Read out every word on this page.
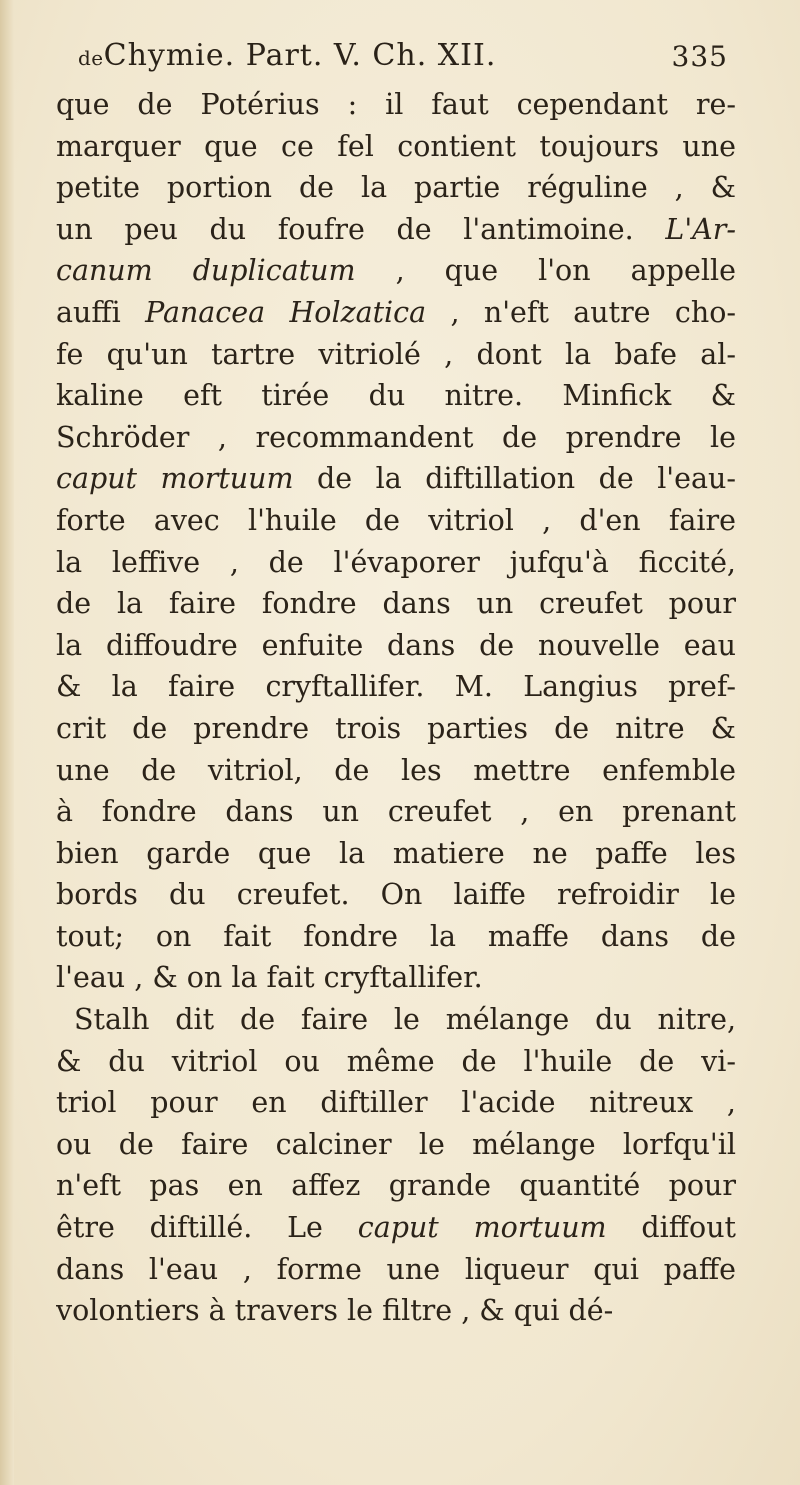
deChymie. Part. V. Ch. XII.	335
que de Potérius : il faut cependant re-
marquer que ce fel contient toujours une
petite portion de la partie réguline , &
un peu du foufre de l'antimoine. L'Ar-
canum duplicatum , que l'on appelle
auffi Panacea Holzatica , n'eft autre cho-
fe qu'un tartre vitriolé , dont la bafe al-
kaline eft tirée du nitre. Minfick &
Schröder , recommandent de prendre le
caput mortuum de la diftillation de l'eau-
forte avec l'huile de vitriol , d'en faire
la leffive , de l'évaporer jufqu'à ficcité,
de la faire fondre dans un creufet pour
la diffoudre enfuite dans de nouvelle eau
& la faire cryftallifer. M. Langius pref-
crit de prendre trois parties de nitre &
une de vitriol, de les mettre enfemble
à fondre dans un creufet , en prenant
bien garde que la matiere ne paffe les
bords du creufet. On laiffe refroidir le
tout; on fait fondre la maffe dans de
l'eau , & on la fait cryftallifer.
Stalh dit de faire le mélange du nitre,
& du vitriol ou même de l'huile de vi-
triol pour en diftiller l'acide nitreux ,
ou de faire calciner le mélange lorfqu'il
n'eft pas en affez grande quantité pour
être diftillé. Le caput mortuum diffout
dans l'eau , forme une liqueur qui paffe
volontiers à travers le filtre , & qui dé-
